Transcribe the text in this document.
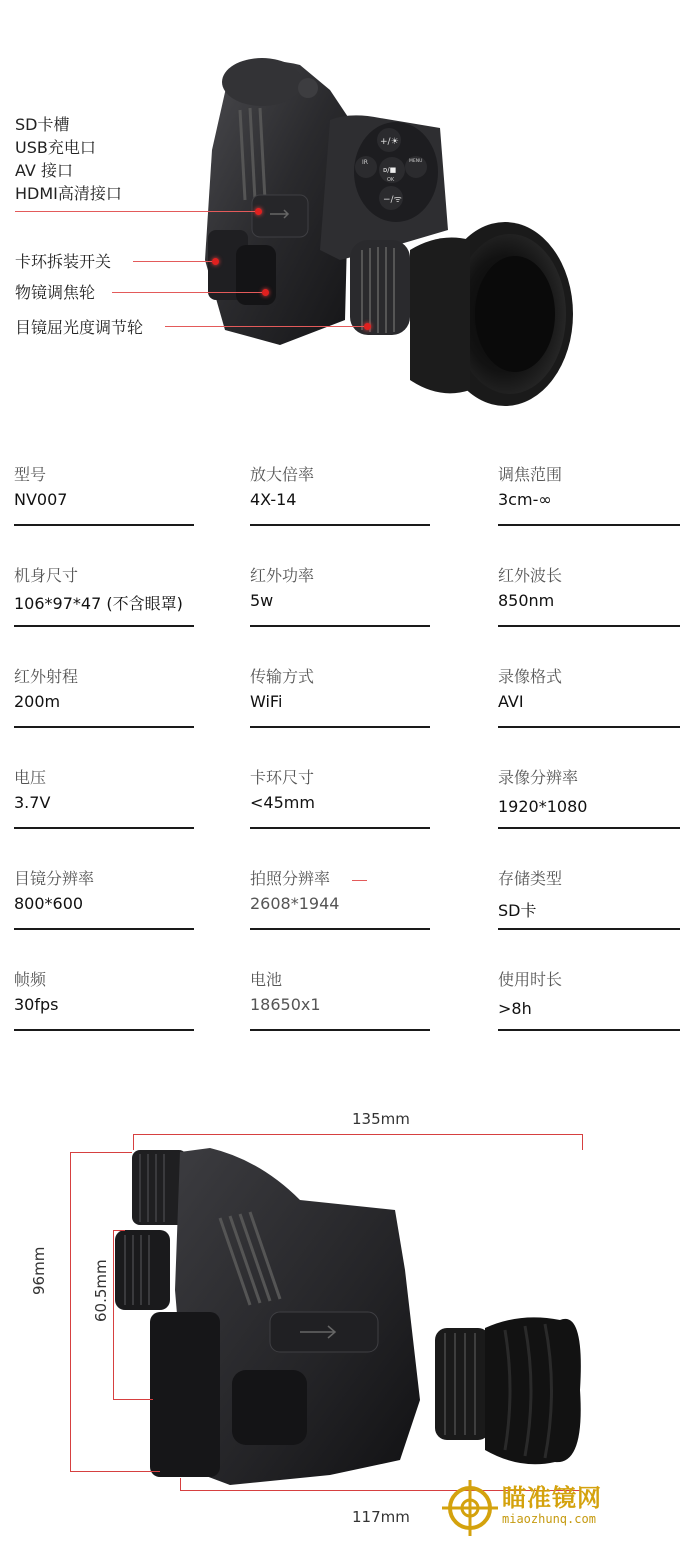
+/☀
IR
ᴅ/■
OK
MENU
−/ᯤ
SD卡槽
USB充电口
AV 接口
HDMI高清接口
卡环拆装开关
物镜调焦轮
目镜屈光度调节轮
型号
NV007
放大倍率
4X-14
调焦范围
3cm-∞
机身尺寸
106*97*47 (不含眼罩)
红外功率
5w
红外波长
850nm
红外射程
200m
传输方式
WiFi
录像格式
AVI
电压
3.7V
卡环尺寸
<45mm
录像分辨率
1920*1080
目镜分辨率
800*600
拍照分辨率
2608*1944
存储类型
SD卡
帧频
30fps
电池
18650x1
使用时长
>8h
135mm
96mm	60.5mm
117mm
瞄准镜网
miaozhunq.com
